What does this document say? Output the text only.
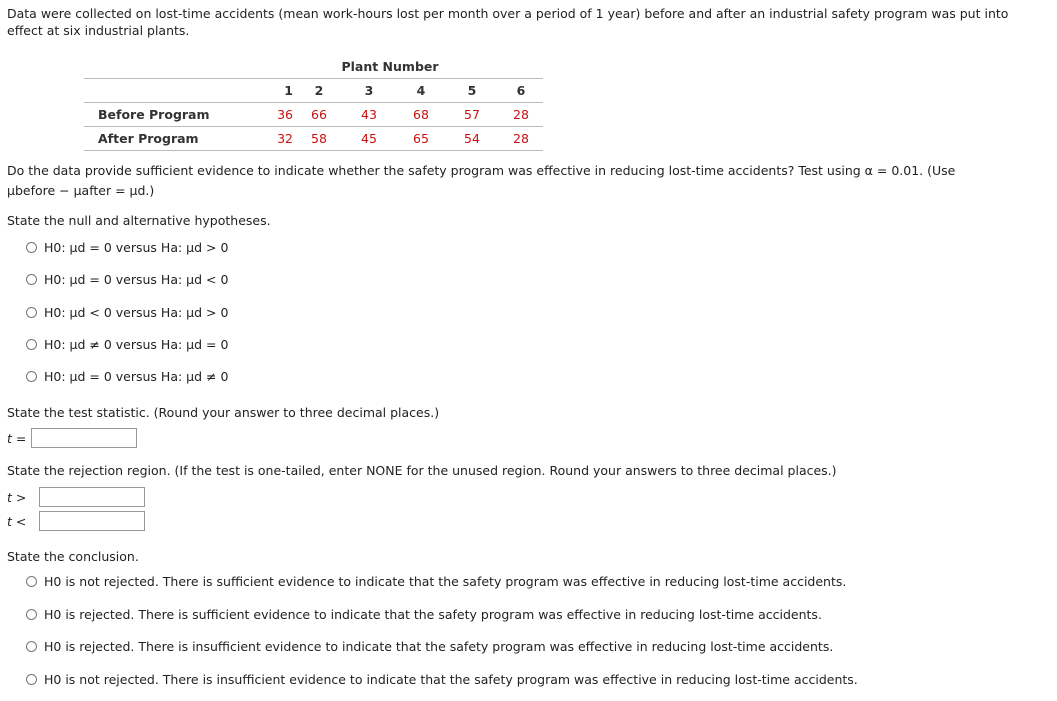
Data were collected on lost-time accidents (mean work-hours lost per month over a period of 1 year) before and after an industrial safety program was put into effect at six industrial plants.
	Plant Number					
	1	2	3	4	5	6
Before Program	36	66	43	68	57	28
After Program	32	58	45	65	54	28
Do the data provide sufficient evidence to indicate whether the safety program was effective in reducing lost-time accidents? Test using α = 0.01. (Use
μbefore − μafter = μd.)
State the null and alternative hypotheses.
H0: μd = 0 versus Ha: μd > 0
H0: μd = 0 versus Ha: μd < 0
H0: μd < 0 versus Ha: μd > 0
H0: μd ≠ 0 versus Ha: μd = 0
H0: μd = 0 versus Ha: μd ≠ 0
State the test statistic. (Round your answer to three decimal places.)
t =
State the rejection region. (If the test is one-tailed, enter NONE for the unused region. Round your answers to three decimal places.)
t >
t <
State the conclusion.
H0 is not rejected. There is sufficient evidence to indicate that the safety program was effective in reducing lost-time accidents.
H0 is rejected. There is sufficient evidence to indicate that the safety program was effective in reducing lost-time accidents.
H0 is rejected. There is insufficient evidence to indicate that the safety program was effective in reducing lost-time accidents.
H0 is not rejected. There is insufficient evidence to indicate that the safety program was effective in reducing lost-time accidents.
